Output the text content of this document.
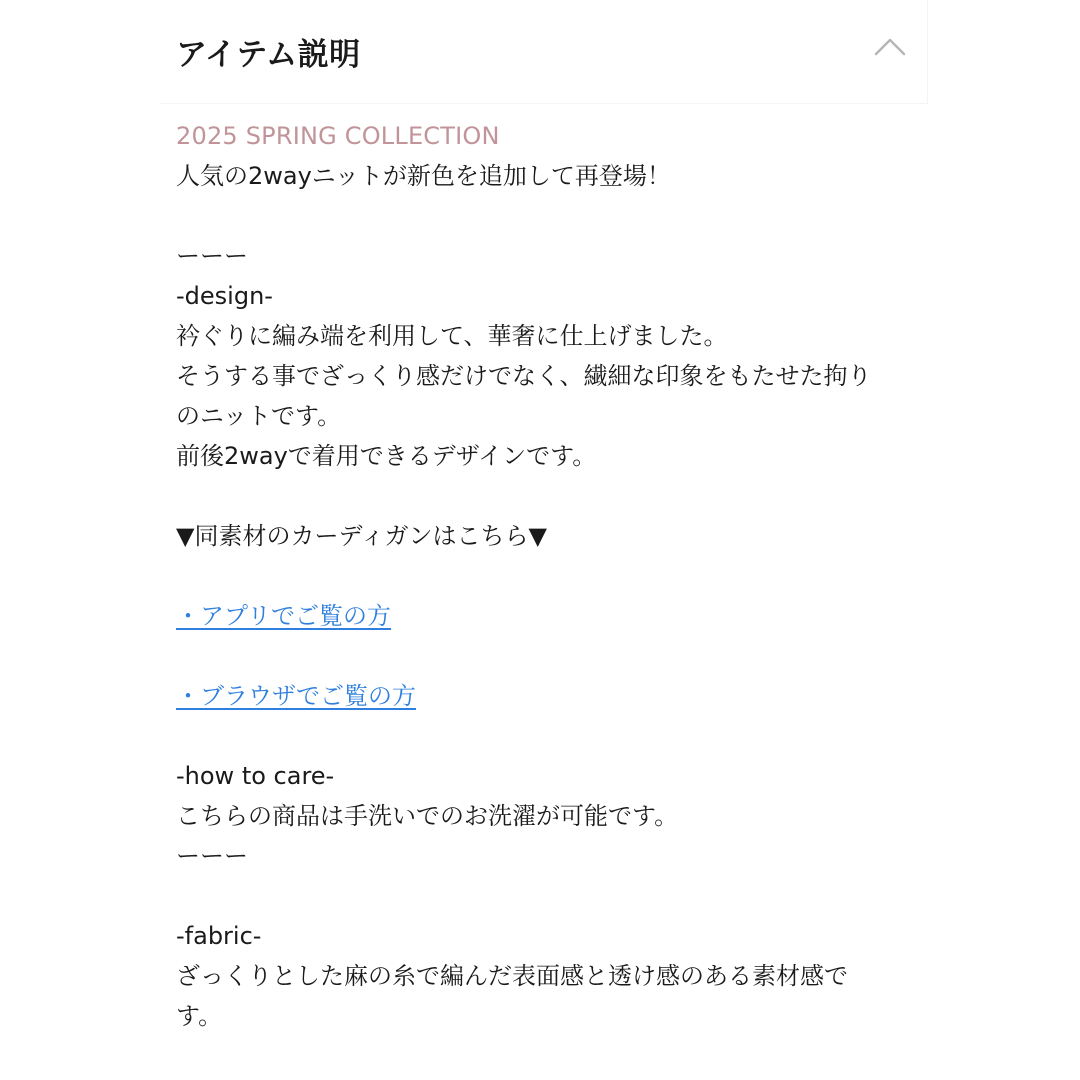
アイテム説明
2025 SPRING COLLECTION
人気の2wayニットが新色を追加して再登場！
ーーー
-design-
衿ぐりに編み端を利用して、華奢に仕上げました。
そうする事でざっくり感だけでなく、繊細な印象をもたせた拘り
のニットです。
前後2wayで着用できるデザインです。
▼同素材のカーディガンはこちら▼
・アプリでご覧の方
・ブラウザでご覧の方
-how to care-
こちらの商品は手洗いでのお洗濯が可能です。
ーーー
-fabric-
ざっくりとした麻の糸で編んだ表面感と透け感のある素材感で
す。
